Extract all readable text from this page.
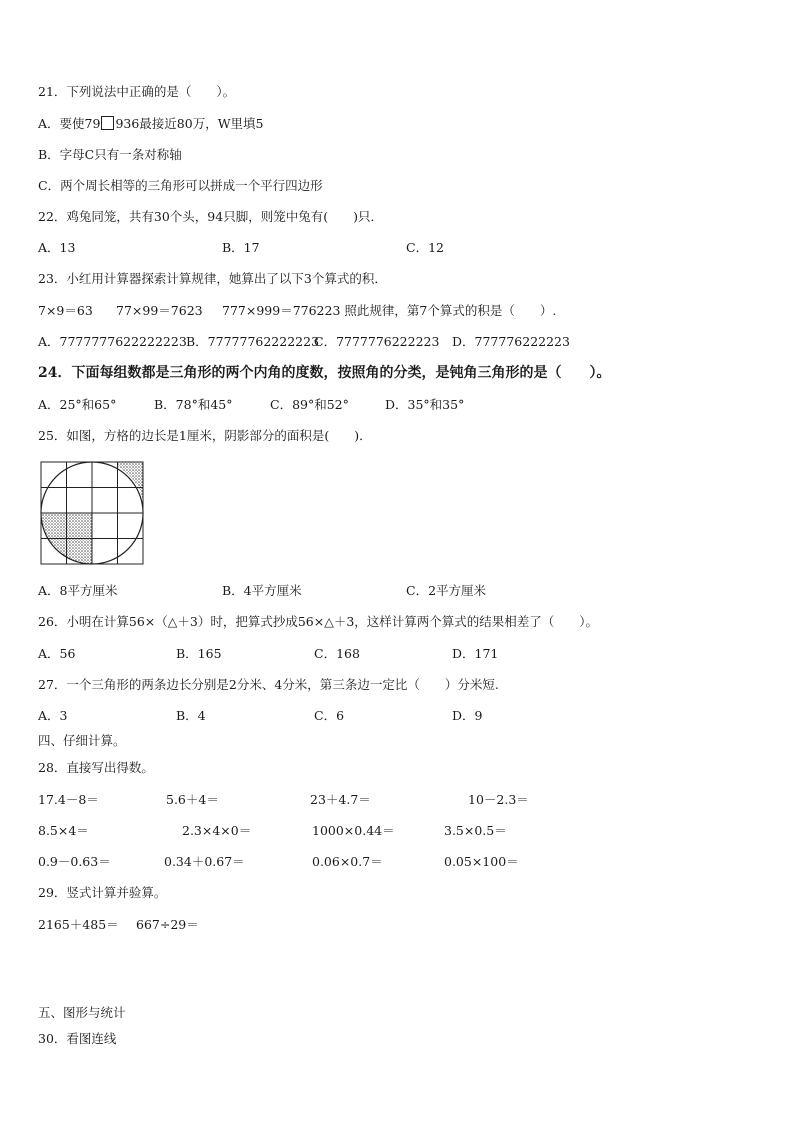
21．下列说法中正确的是（　　）。
A．要使79 936最接近80万，W里填5
B．字母C只有一条对称轴
C．两个周长相等的三角形可以拼成一个平行四边形
22．鸡兔同笼，共有30个头，94只脚，则笼中兔有(　　)只．
A．13	B．17	C．12
23．小红用计算器探索计算规律，她算出了以下3个算式的积．
7×9＝63 77×99＝7623 777×999＝776223 照此规律，第7个算式的积是（　　）.
A．7777777622222223 B．77777762222223
C．7777776222223 D．777776222223
24．下面每组数都是三角形的两个内角的度数，按照角的分类，是钝角三角形的是（　　）。
A．25°和65°	B．78°和45°	C．89°和52°	D．35°和35°
25．如图，方格的边长是1厘米，阴影部分的面积是(　　)．
A．8平方厘米	B．4平方厘米	C．2平方厘米
26．小明在计算56×（△＋3）时，把算式抄成56×△＋3，这样计算两个算式的结果相差了（　　）。
A．56	B．165	C．168	D．171
27．一个三角形的两条边长分别是2分米、4分米，第三条边一定比（　　）分米短.
A．3	B．4	C．6	D．9
四、仔细计算。
28．直接写出得数。
17.4－8＝	5.6＋4＝	23＋4.7＝	10－2.3＝
8.5×4＝	2.3×4×0＝	1000×0.44＝	3.5×0.5＝
0.9－0.63＝	0.34＋0.67＝	0.06×0.7＝	0.05×100＝
29．竖式计算并验算。
2165＋485＝ 667÷29＝
五、图形与统计
30．看图连线
